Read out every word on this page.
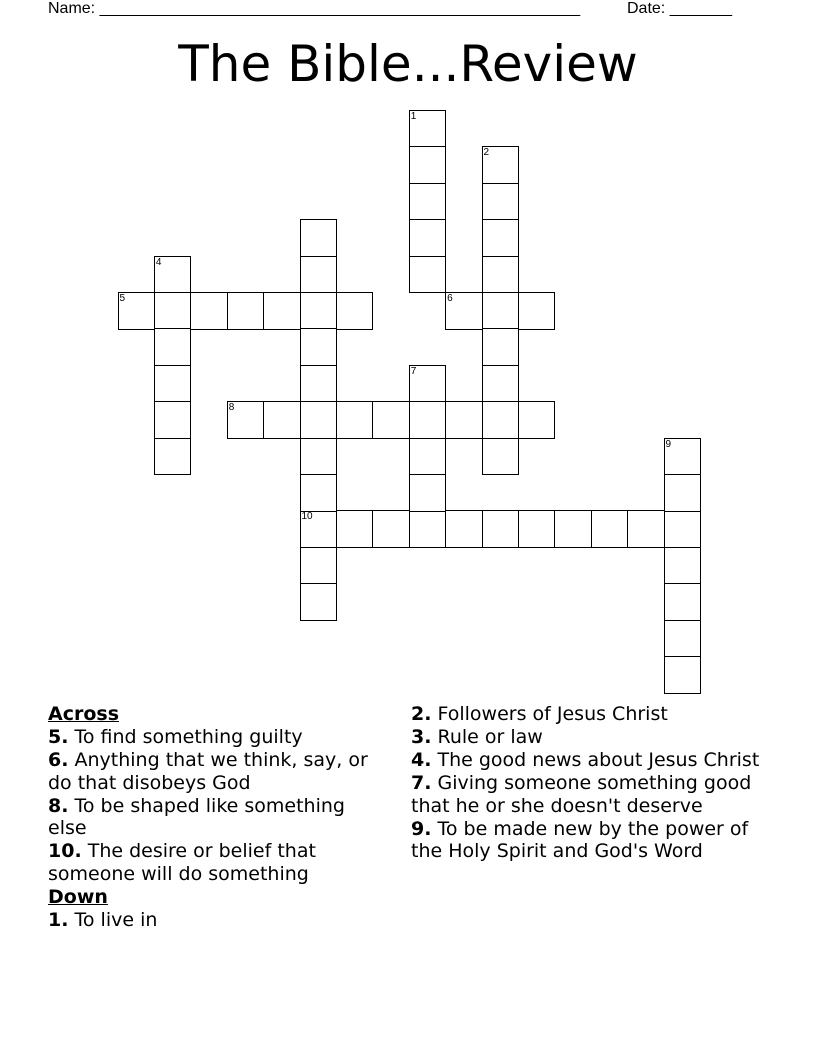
Name: ______________________________________________________	Date: _______
The Bible...Review
5	6
8
10
1
2
4
7
9
Across
5. To find something guilty
6. Anything that we think, say, or do that disobeys God
8. To be shaped like something else
10. The desire or belief that someone will do something
Down
1. To live in
2. Followers of Jesus Christ
3. Rule or law
4. The good news about Jesus Christ
7. Giving someone something good that he or she doesn't deserve
9. To be made new by the power of the Holy Spirit and God's Word
